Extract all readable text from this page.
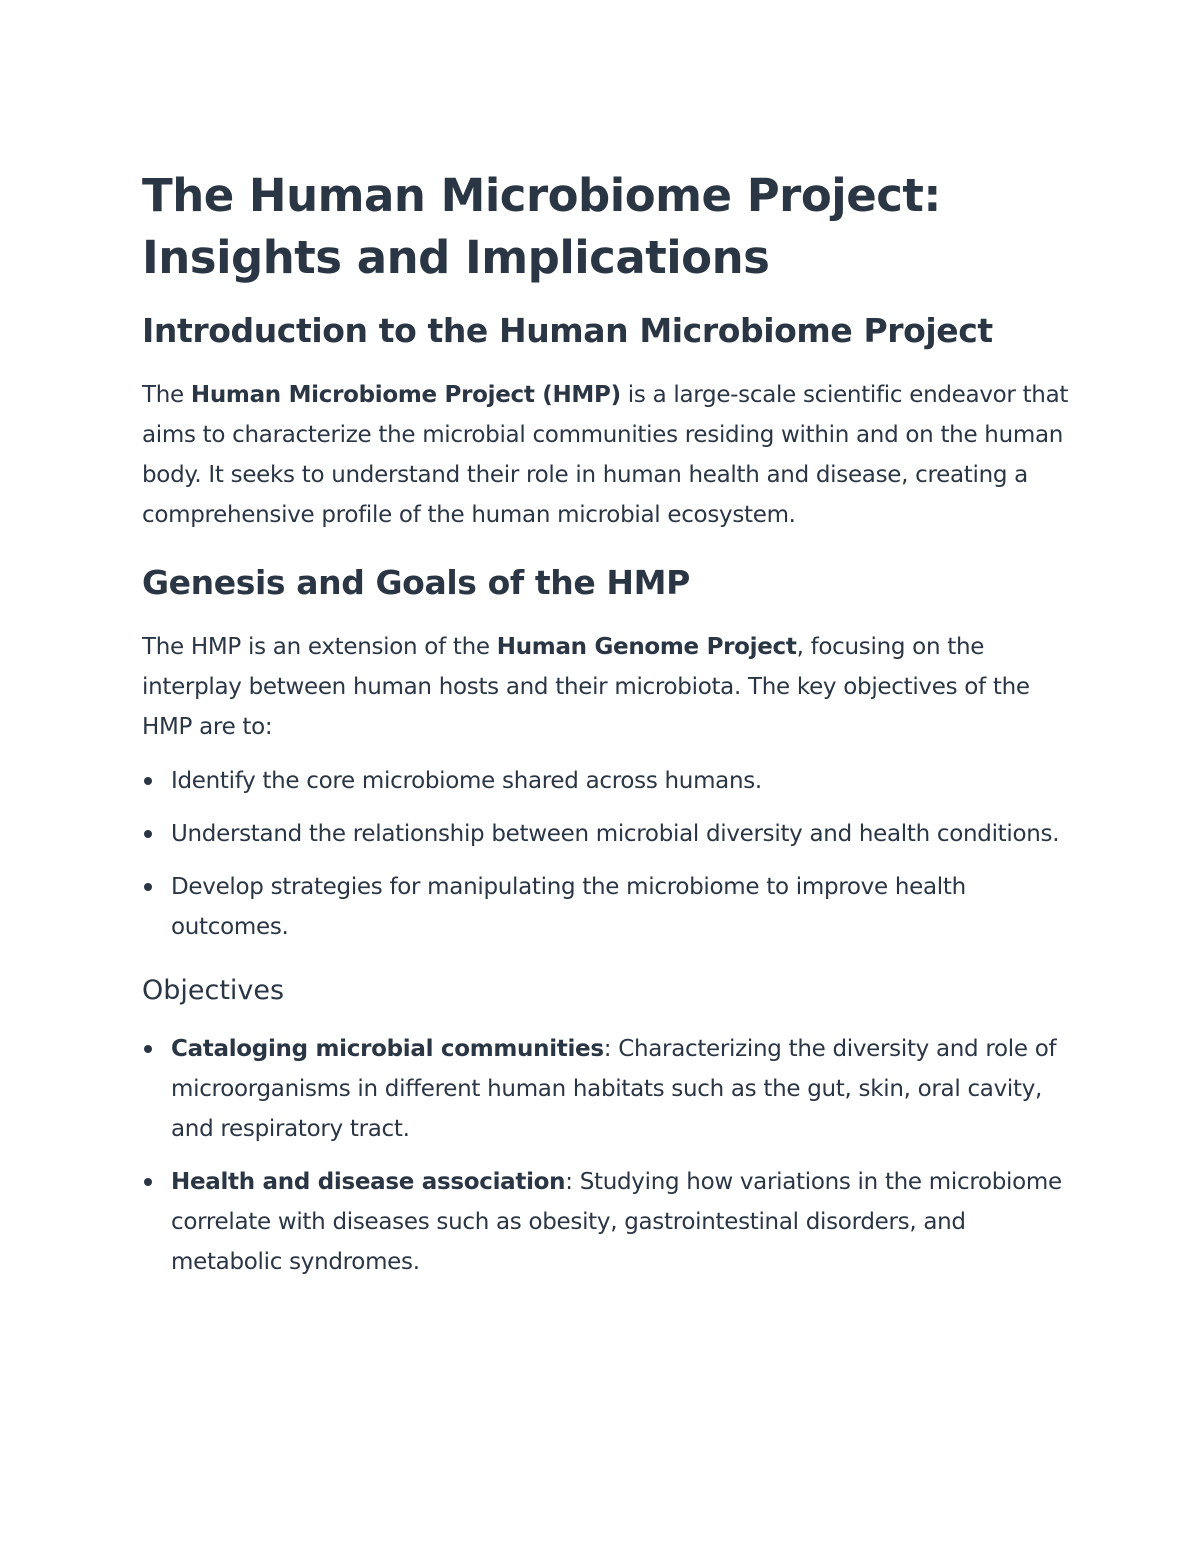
The Human Microbiome Project:
Insights and Implications
Introduction to the Human Microbiome Project

The Human Microbiome Project (HMP) is a large-scale scientific endeavor that aims to characterize the microbial communities residing within and on the human body. It seeks to understand their role in human health and disease, creating a comprehensive profile of the human microbial ecosystem.

Genesis and Goals of the HMP

The HMP is an extension of the Human Genome Project, focusing on the interplay between human hosts and their microbiota. The key objectives of the HMP are to:

Identify the core microbiome shared across humans.
Understand the relationship between microbial diversity and health conditions.
Develop strategies for manipulating the microbiome to improve health outcomes.
Objectives
Cataloging microbial communities: Characterizing the diversity and role of microorganisms in different human habitats such as the gut, skin, oral cavity, and respiratory tract.
Health and disease association: Studying how variations in the microbiome correlate with diseases such as obesity, gastrointestinal disorders, and metabolic syndromes.
